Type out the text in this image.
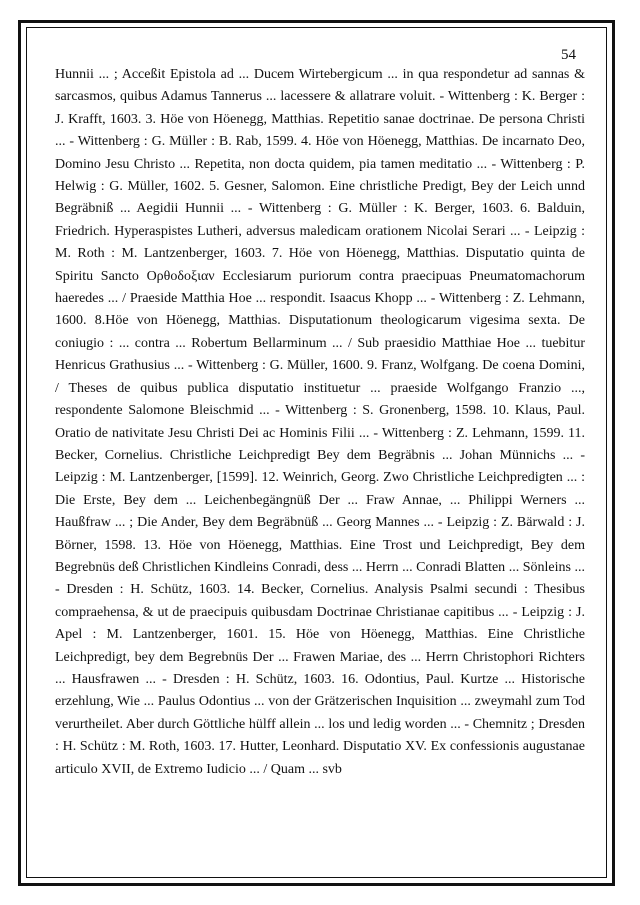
54

Hunnii ... ; Acceßit Epistola ad ... Ducem Wirtebergicum ... in qua respondetur ad sannas & sarcasmos, quibus Adamus Tannerus ... lacessere & allatrare voluit. - Wittenberg : K. Berger : J. Krafft, 1603. 3. Höe von Höenegg, Matthias. Repetitio sanae doctrinae. De persona Christi ... - Wittenberg : G. Müller : B. Rab, 1599. 4. Höe von Höenegg, Matthias. De incarnato Deo, Domino Jesu Christo ... Repetita, non docta quidem, pia tamen meditatio ... - Wittenberg : P. Helwig : G. Müller, 1602. 5. Gesner, Salomon. Eine christliche Predigt, Bey der Leich unnd Begräbniß ... Aegidii Hunnii ... - Wittenberg : G. Müller : K. Berger, 1603. 6. Balduin, Friedrich. Hyperaspistes Lutheri, adversus maledicam orationem Nicolai Serari ... - Leipzig : M. Roth : M. Lantzenberger, 1603. 7. Höe von Höenegg, Matthias. Disputatio quinta de Spiritu Sancto Ορθοδοξιαν Ecclesiarum puriorum contra praecipuas Pneumatomachorum haeredes ... / Praeside Matthia Hoe ... respondit. Isaacus Khopp ... - Wittenberg : Z. Lehmann, 1600. 8.Höe von Höenegg, Matthias. Disputationum theologicarum vigesima sexta. De coniugio : ... contra ... Robertum Bellarminum ... / Sub praesidio Matthiae Hoe ... tuebitur Henricus Grathusius ... - Wittenberg : G. Müller, 1600. 9. Franz, Wolfgang. De coena Domini, / Theses de quibus publica disputatio instituetur ... praeside Wolfgango Franzio ..., respondente Salomone Bleischmid ... - Wittenberg : S. Gronenberg, 1598. 10. Klaus, Paul. Oratio de nativitate Jesu Christi Dei ac Hominis Filii ... - Wittenberg : Z. Lehmann, 1599. 11. Becker, Cornelius. Christliche Leichpredigt Bey dem Begräbnis ... Johan Münnichs ... - Leipzig : M. Lantzenberger, [1599]. 12. Weinrich, Georg. Zwo Christliche Leichpredigten ... : Die Erste, Bey dem ... Leichenbegängnüß Der ... Fraw Annae, ... Philippi Werners ... Haußfraw ... ; Die Ander, Bey dem Begräbnüß ... Georg Mannes ... - Leipzig : Z. Bärwald : J. Börner, 1598. 13. Höe von Höenegg, Matthias. Eine Trost und Leichpredigt, Bey dem Begrebnüs deß Christlichen Kindleins Conradi, dess ... Herrn ... Conradi Blatten ... Sönleins ... - Dresden : H. Schütz, 1603. 14. Becker, Cornelius. Analysis Psalmi secundi : Thesibus compraehensa, & ut de praecipuis quibusdam Doctrinae Christianae capitibus ... - Leipzig : J. Apel : M. Lantzenberger, 1601. 15. Höe von Höenegg, Matthias. Eine Christliche Leichpredigt, bey dem Begrebnüs Der ... Frawen Mariae, des ... Herrn Christophori Richters ... Hausfrawen ... - Dresden : H. Schütz, 1603. 16. Odontius, Paul. Kurtze ... Historische erzehlung, Wie ... Paulus Odontius ... von der Grätzerischen Inquisition ... zweymahl zum Tod verurtheilet. Aber durch Göttliche hülff allein ... los und ledig worden ... - Chemnitz ; Dresden : H. Schütz : M. Roth, 1603. 17. Hutter, Leonhard. Disputatio XV. Ex confessionis augustanae articulo XVII, de Extremo Iudicio ... / Quam ... svb
